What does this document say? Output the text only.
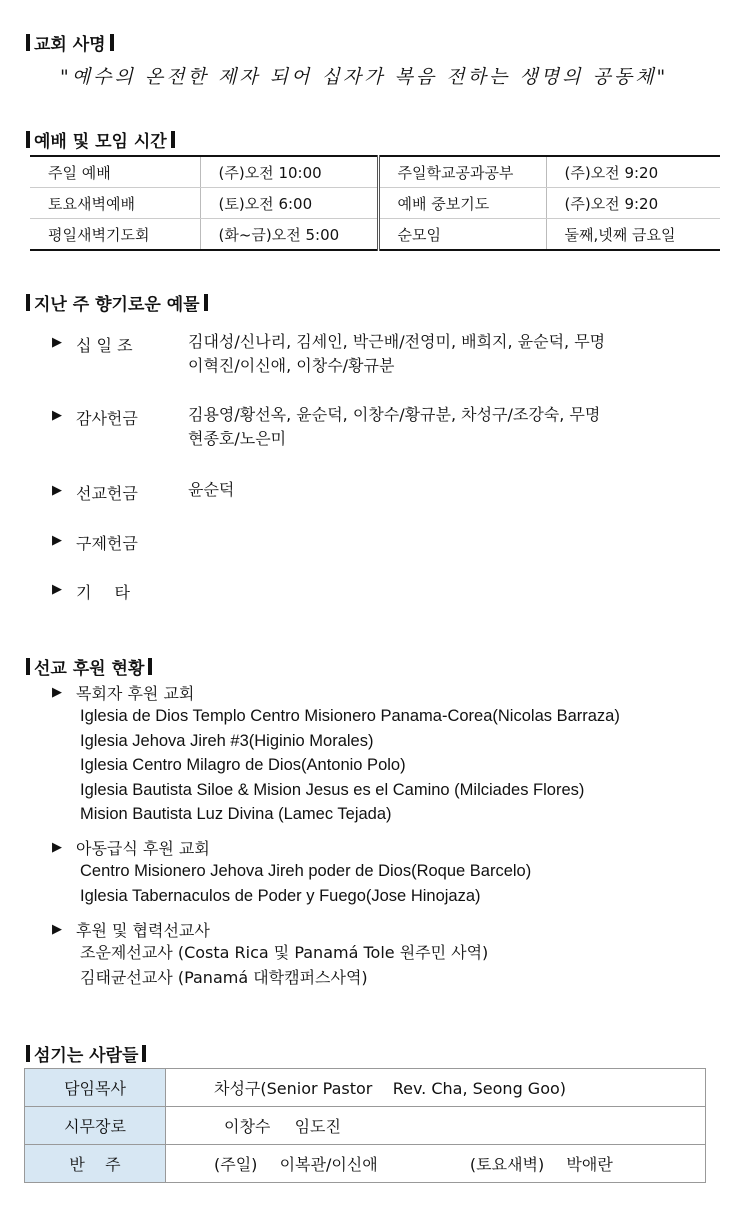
교회 사명
"예수의 온전한 제자 되어 십자가 복음 전하는 생명의 공동체"
예배 및 모임 시간
주일 예배	(주)오전 10:00	주일학교공과공부	(주)오전 9:20
토요새벽예배	(토)오전 6:00	예배 중보기도	(주)오전 9:20
평일새벽기도회	(화~금)오전 5:00	순모임	둘째,넷째 금요일
지난 주 향기로운 예물
▶ 십 일 조	김대성/신나리, 김세인, 박근배/전영미, 배희지, 윤순덕, 무명
이혁진/이신애, 이창수/황규분
▶ 감사헌금	김용영/황선옥, 윤순덕, 이창수/황규분, 차성구/조강숙, 무명
현종호/노은미
▶ 선교헌금	윤순덕
▶ 구제헌금
▶ 기 타
선교 후원 현황
▶ 목회자 후원 교회
Iglesia de Dios Templo Centro Misionero Panama-Corea(Nicolas Barraza)
Iglesia Jehova Jireh #3(Higinio Morales)
Iglesia Centro Milagro de Dios(Antonio Polo)
Iglesia Bautista Siloe & Mision Jesus es el Camino (Milciades Flores)
Mision Bautista Luz Divina (Lamec Tejada)
▶ 아동급식 후원 교회
Centro Misionero Jehova Jireh poder de Dios(Roque Barcelo)
Iglesia Tabernaculos de Poder y Fuego(Jose Hinojaza)
▶ 후원 및 협력선교사
조운제선교사 (Costa Rica 및 Panamá Tole 원주민 사역)
김태균선교사 (Panamá 대학캠퍼스사역)
섬기는 사람들
담임목사	차성구(Senior Pastor    Rev. Cha, Seong Goo)
시무장로	이창수 임도진
반    주	(주일) 이복관/이신애 (토요새벽) 박애란
